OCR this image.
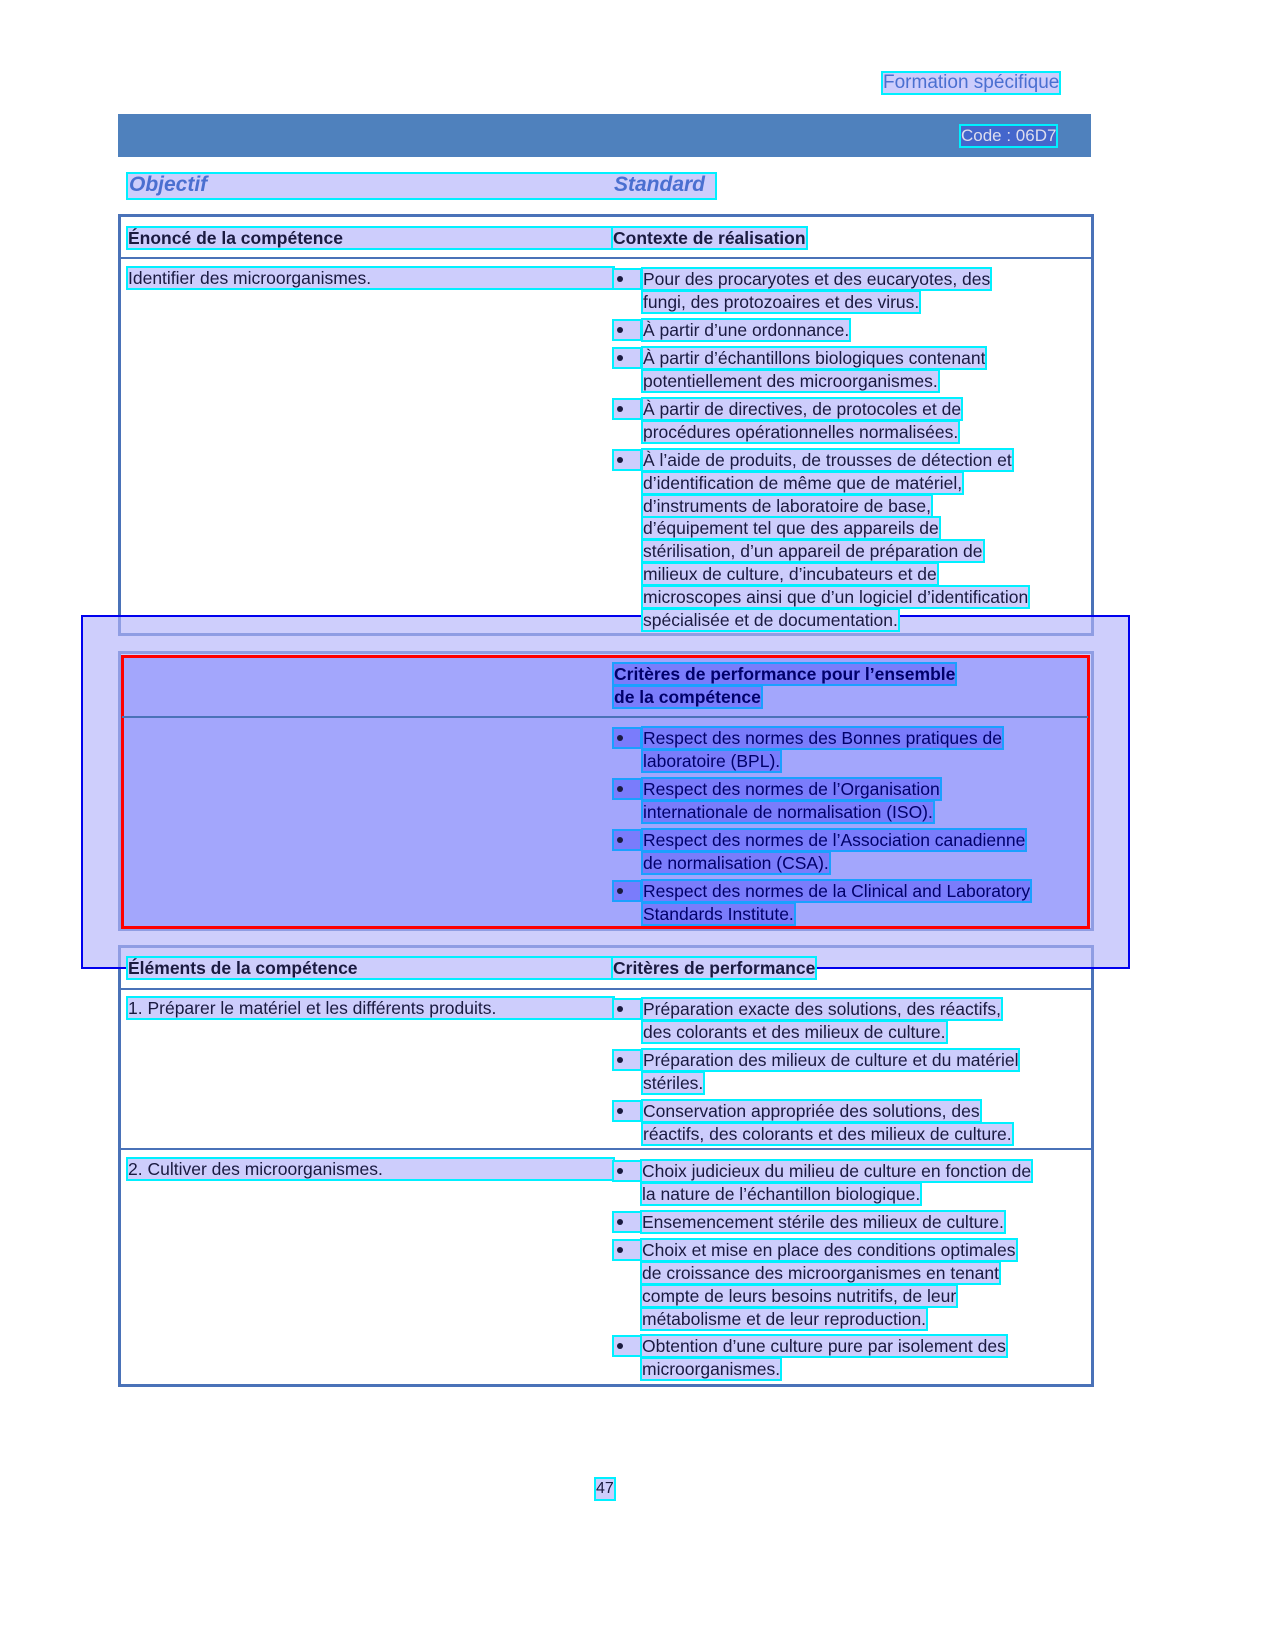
Formation spécifique
Code : 06D7
Objectif	Standard
Énoncé de la compétence	Contexte de réalisation
Identifier des microorganismes.	Pour des procaryotes et des eucaryotes, des
fungi, des protozoaires et des virus.
À partir d’une ordonnance.
À partir d’échantillons biologiques contenant
potentiellement des microorganismes.
À partir de directives, de protocoles et de
procédures opérationnelles normalisées.
À l’aide de produits, de trousses de détection et
d’identification de même que de matériel,
d’instruments de laboratoire de base,
d’équipement tel que des appareils de
stérilisation, d’un appareil de préparation de
milieux de culture, d’incubateurs et de
microscopes ainsi que d’un logiciel d’identification
spécialisée et de documentation.
Critères de performance pour l’ensemble
de la compétence
Respect des normes des Bonnes pratiques de
laboratoire (BPL).
Respect des normes de l’Organisation
internationale de normalisation (ISO).
Respect des normes de l’Association canadienne
de normalisation (CSA).
Respect des normes de la Clinical and Laboratory
Standards Institute.
Éléments de la compétence	Critères de performance
1. Préparer le matériel et les différents produits.	Préparation exacte des solutions, des réactifs,
des colorants et des milieux de culture.
Préparation des milieux de culture et du matériel
stériles.
Conservation appropriée des solutions, des
réactifs, des colorants et des milieux de culture.
2. Cultiver des microorganismes.	Choix judicieux du milieu de culture en fonction de
la nature de l’échantillon biologique.
Ensemencement stérile des milieux de culture.
Choix et mise en place des conditions optimales
de croissance des microorganismes en tenant
compte de leurs besoins nutritifs, de leur
métabolisme et de leur reproduction.
Obtention d’une culture pure par isolement des
microorganismes.
47
